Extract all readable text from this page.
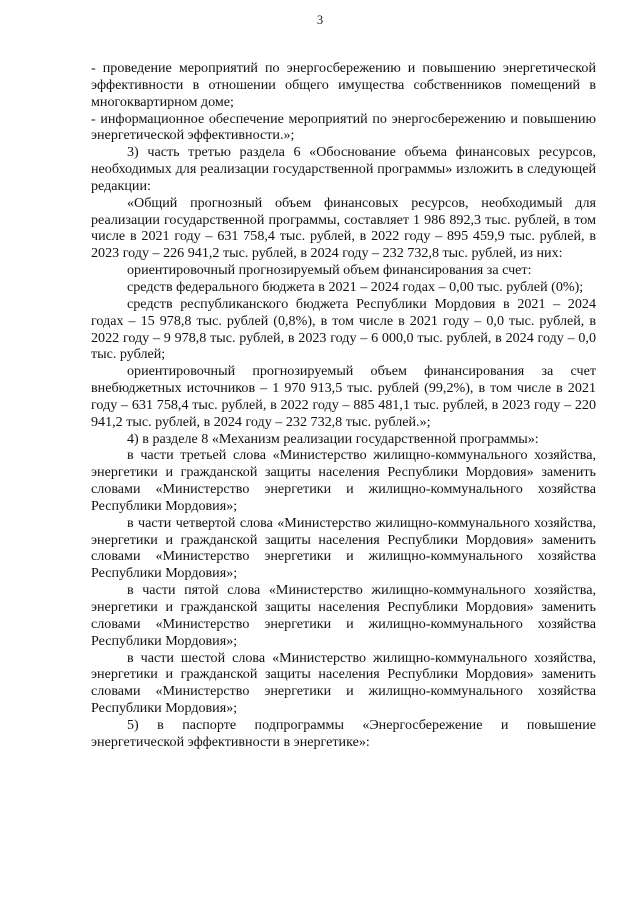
3

- проведение мероприятий по энергосбережению и повышению энергетической эффективности в отношении общего имущества собственников помещений в многоквартирном доме;

- информационное обеспечение мероприятий по энергосбережению и повышению энергетической эффективности.»;

3) часть третью раздела 6 «Обоснование объема финансовых ресурсов, необходимых для реализации государственной программы» изложить в следующей редакции:

«Общий прогнозный объем финансовых ресурсов, необходимый для реализации государственной программы, составляет 1 986 892,3 тыс. рублей, в том числе в 2021 году – 631 758,4 тыс. рублей, в 2022 году – 895 459,9 тыс. рублей, в 2023 году – 226 941,2 тыс. рублей, в 2024 году – 232 732,8 тыс. рублей, из них:

ориентировочный прогнозируемый объем финансирования за счет:

средств федерального бюджета в 2021 – 2024 годах – 0,00 тыс. рублей (0%);

средств республиканского бюджета Республики Мордовия в 2021 – 2024 годах – 15 978,8 тыс. рублей (0,8%), в том числе в 2021 году – 0,0 тыс. рублей, в 2022 году – 9 978,8 тыс. рублей, в 2023 году – 6 000,0 тыс. рублей, в 2024 году – 0,0 тыс. рублей;

ориентировочный прогнозируемый объем финансирования за счет внебюджетных источников – 1 970 913,5 тыс. рублей (99,2%), в том числе в 2021 году – 631 758,4 тыс. рублей, в 2022 году – 885 481,1 тыс. рублей, в 2023 году – 220 941,2 тыс. рублей, в 2024 году – 232 732,8 тыс. рублей.»;

4) в разделе 8 «Механизм реализации государственной программы»:

в части третьей слова «Министерство жилищно-коммунального хозяйства, энергетики и гражданской защиты населения Республики Мордовия» заменить словами «Министерство энергетики и жилищно-коммунального хозяйства Республики Мордовия»;

в части четвертой слова «Министерство жилищно-коммунального хозяйства, энергетики и гражданской защиты населения Республики Мордовия» заменить словами «Министерство энергетики и жилищно-коммунального хозяйства Республики Мордовия»;

в части пятой слова «Министерство жилищно-коммунального хозяйства, энергетики и гражданской защиты населения Республики Мордовия» заменить словами «Министерство энергетики и жилищно-коммунального хозяйства Республики Мордовия»;

в части шестой слова «Министерство жилищно-коммунального хозяйства, энергетики и гражданской защиты населения Республики Мордовия» заменить словами «Министерство энергетики и жилищно-коммунального хозяйства Республики Мордовия»;

5) в паспорте подпрограммы «Энергосбережение и повышение энергетической эффективности в энергетике»:
